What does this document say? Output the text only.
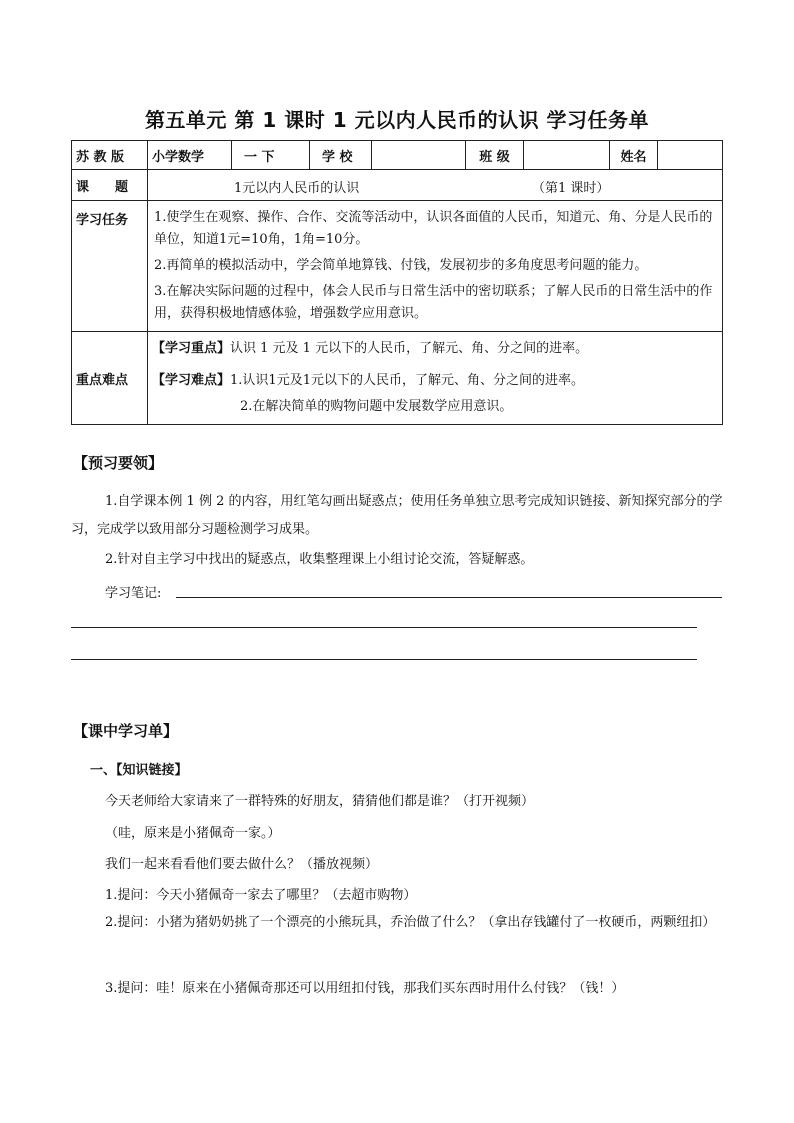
第五单元 第 1 课时 1 元以内人民币的认识 学习任务单
苏 教 版	小学数学	一 下	学 校		班 级		姓名	
课　　题	1元以内人民币的认识 （第1 课时）							

学习任务	1.使学生在观察、操作、合作、交流等活动中，认识各面值的人民币，知道元、角、分是人民币的单位，知道1元=10角，1角=10分。

2.再简单的模拟活动中，学会简单地算钱、付钱，发展初步的多角度思考问题的能力。

3.在解决实际问题的过程中，体会人民币与日常生活中的密切联系；了解人民币的日常生活中的作用，获得积极地情感体验，增强数学应用意识。							

重点难点	【学习重点】认识 1 元及 1 元以下的人民币，了解元、角、分之间的进率。
【学习难点】1.认识1元及1元以下的人民币，了解元、角、分之间的进率。
2.在解决简单的购物问题中发展数学应用意识。							
【预习要领】

1.自学课本例 1 例 2 的内容，用红笔勾画出疑惑点；使用任务单独立思考完成知识链接、新知探究部分的学习，完成学以致用部分习题检测学习成果。

2.针对自主学习中找出的疑惑点，收集整理课上小组讨论交流，答疑解惑。

学习笔记:
【课中学习单】
一、【知识链接】
今天老师给大家请来了一群特殊的好朋友，猜猜他们都是谁？（打开视频）
（哇，原来是小猪佩奇一家。）
我们一起来看看他们要去做什么？（播放视频）
1.提问：今天小猪佩奇一家去了哪里？（去超市购物）

2.提问：小猪为猪奶奶挑了一个漂亮的小熊玩具，乔治做了什么？（拿出存钱罐付了一枚硬币，两颗纽扣）

3.提问：哇！原来在小猪佩奇那还可以用纽扣付钱，那我们买东西时用什么付钱？（钱！）
